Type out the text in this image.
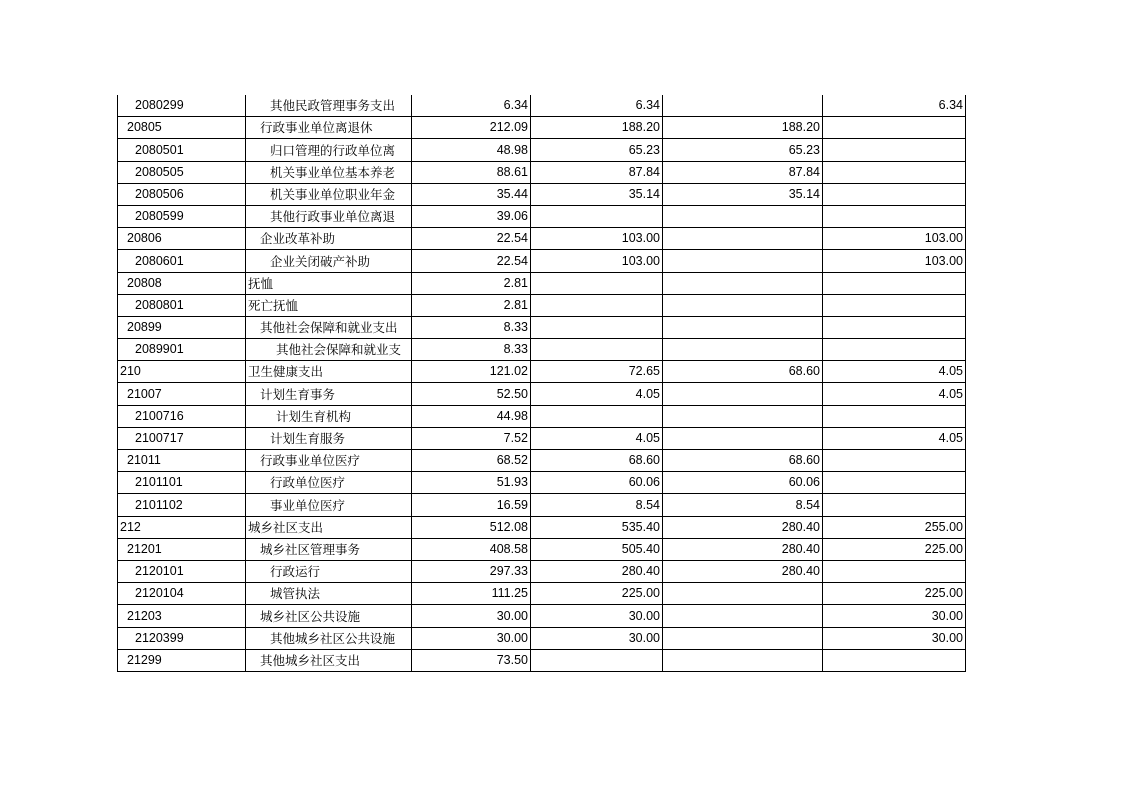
2080299	其他民政管理事务支出	6.34	6.34		6.34
20805	行政事业单位离退休	212.09	188.20	188.20	
2080501	归口管理的行政单位离	48.98	65.23	65.23	
2080505	机关事业单位基本养老	88.61	87.84	87.84	
2080506	机关事业单位职业年金	35.44	35.14	35.14	
2080599	其他行政事业单位离退	39.06			
20806	企业改革补助	22.54	103.00		103.00
2080601	企业关闭破产补助	22.54	103.00		103.00
20808	抚恤	2.81			
2080801	死亡抚恤	2.81			
20899	其他社会保障和就业支出	8.33			
2089901	其他社会保障和就业支	8.33			
210	卫生健康支出	121.02	72.65	68.60	4.05
21007	计划生育事务	52.50	4.05		4.05
2100716	计划生育机构	44.98			
2100717	计划生育服务	7.52	4.05		4.05
21011	行政事业单位医疗	68.52	68.60	68.60	
2101101	行政单位医疗	51.93	60.06	60.06	
2101102	事业单位医疗	16.59	8.54	8.54	
212	城乡社区支出	512.08	535.40	280.40	255.00
21201	城乡社区管理事务	408.58	505.40	280.40	225.00
2120101	行政运行	297.33	280.40	280.40	
2120104	城管执法	111.25	225.00		225.00
21203	城乡社区公共设施	30.00	30.00		30.00
2120399	其他城乡社区公共设施	30.00	30.00		30.00
21299	其他城乡社区支出	73.50			
